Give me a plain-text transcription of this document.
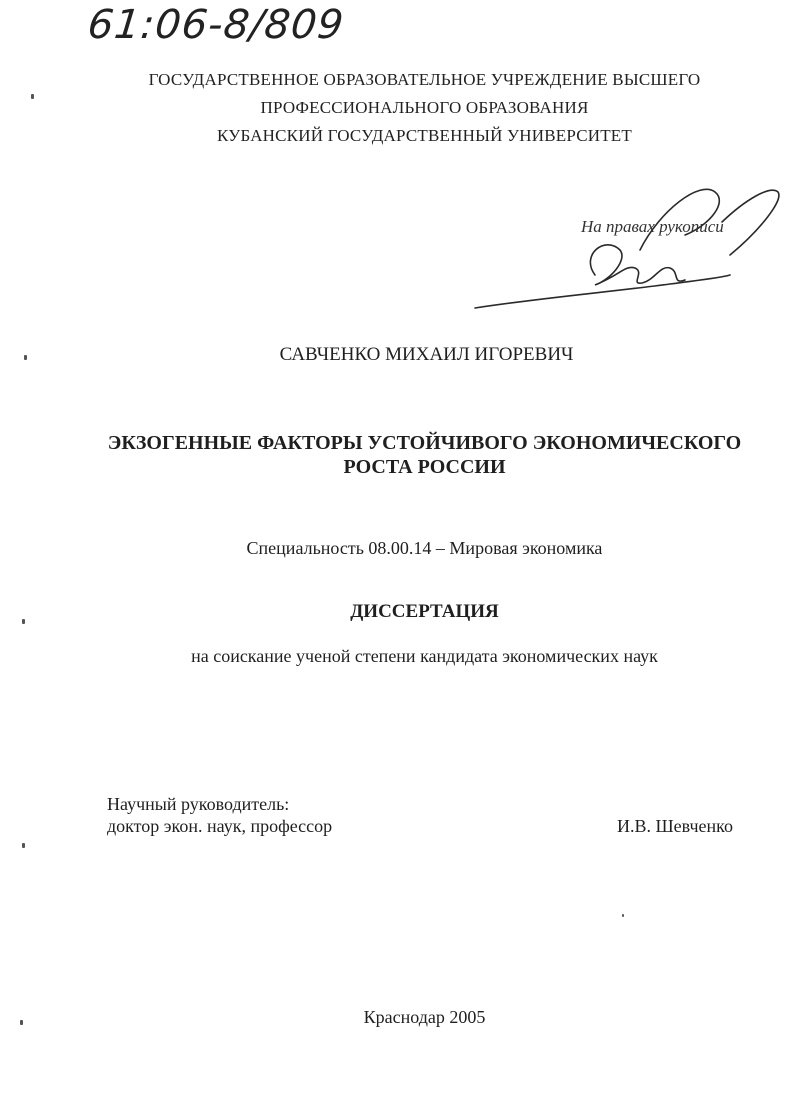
61:06-8/809
ГОСУДАРСТВЕННОЕ ОБРАЗОВАТЕЛЬНОЕ УЧРЕЖДЕНИЕ ВЫСШЕГО
ПРОФЕССИОНАЛЬНОГО ОБРАЗОВАНИЯ
КУБАНСКИЙ ГОСУДАРСТВЕННЫЙ УНИВЕРСИТЕТ
На правах рукописи
САВЧЕНКО МИХАИЛ ИГОРЕВИЧ
ЭКЗОГЕННЫЕ ФАКТОРЫ УСТОЙЧИВОГО ЭКОНОМИЧЕСКОГО
РОСТА РОССИИ
Специальность 08.00.14 – Мировая экономика
ДИССЕРТАЦИЯ
на соискание ученой степени кандидата экономических наук
Научный руководитель:
доктор экон. наук, профессор	И.В. Шевченко
Краснодар 2005
